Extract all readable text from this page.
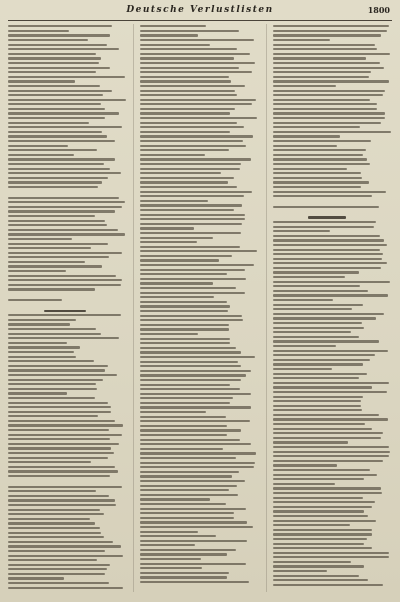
Deutsche Verlustlisten	1800
